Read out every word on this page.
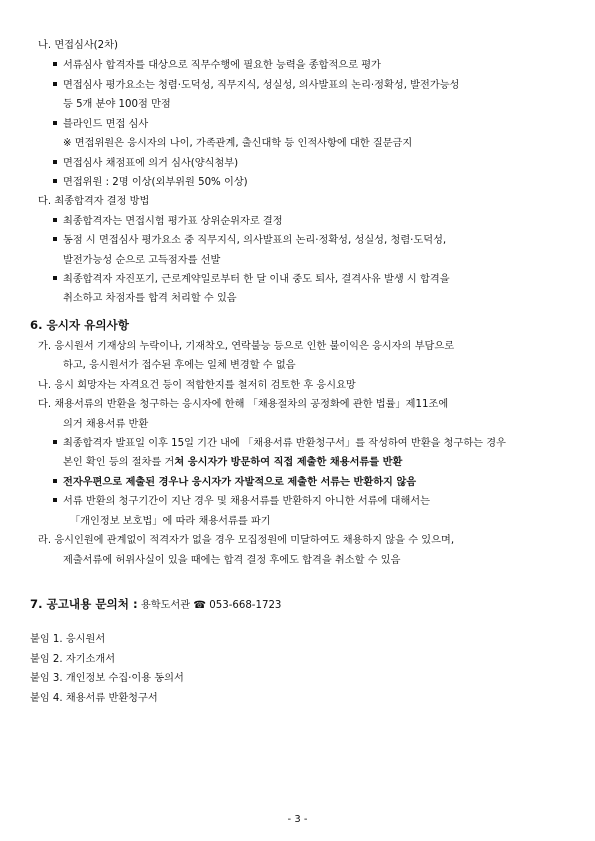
나. 면접심사(2차)
서류심사 합격자를 대상으로 직무수행에 필요한 능력을 종합적으로 평가
면접심사 평가요소는 청렴·도덕성, 직무지식, 성실성, 의사발표의 논리·정확성, 발전가능성
등 5개 분야 100점 만점
블라인드 면접 심사
※ 면접위원은 응시자의 나이, 가족관계, 출신대학 등 인적사항에 대한 질문금지
면접심사 채점표에 의거 심사(양식첨부)
면접위원 : 2명 이상(외부위원 50% 이상)
다. 최종합격자 결정 방법
최종합격자는 면접시험 평가표 상위순위자로 결정
동점 시 면접심사 평가요소 중 직무지식, 의사발표의 논리·정확성, 성실성, 청렴·도덕성,
발전가능성 순으로 고득점자를 선발
최종합격자 자진포기, 근로계약일로부터 한 달 이내 중도 퇴사, 결격사유 발생 시 합격을
취소하고 차점자를 합격 처리할 수 있음
6. 응시자 유의사항
가. 응시원서 기재상의 누락이나, 기재착오, 연락불능 등으로 인한 불이익은 응시자의 부담으로
하고, 응시원서가 접수된 후에는 일체 변경할 수 없음
나. 응시 희망자는 자격요건 등이 적합한지를 철저히 검토한 후 응시요망
다. 채용서류의 반환을 청구하는 응시자에 한해 「채용절차의 공정화에 관한 법률」제11조에
의거 채용서류 반환
최종합격자 발표일 이후 15일 기간 내에 「채용서류 반환청구서」를 작성하여 반환을 청구하는 경우
본인 확인 등의 절차를 거쳐 응시자가 방문하여 직접 제출한 채용서류를 반환
전자우편으로 제출된 경우나 응시자가 자발적으로 제출한 서류는 반환하지 않음
서류 반환의 청구기간이 지난 경우 및 채용서류를 반환하지 아니한 서류에 대해서는
「개인정보 보호법」에 따라 채용서류를 파기
라. 응시인원에 관계없이 적격자가 없을 경우 모집정원에 미달하여도 채용하지 않을 수 있으며,
제출서류에 허위사실이 있을 때에는 합격 결정 후에도 합격을 취소할 수 있음
7. 공고내용 문의처 : 용학도서관 ☎ 053-668-1723
붙임 1. 응시원서
붙임 2. 자기소개서
붙임 3. 개인정보 수집·이용 동의서
붙임 4. 채용서류 반환청구서
- 3 -
